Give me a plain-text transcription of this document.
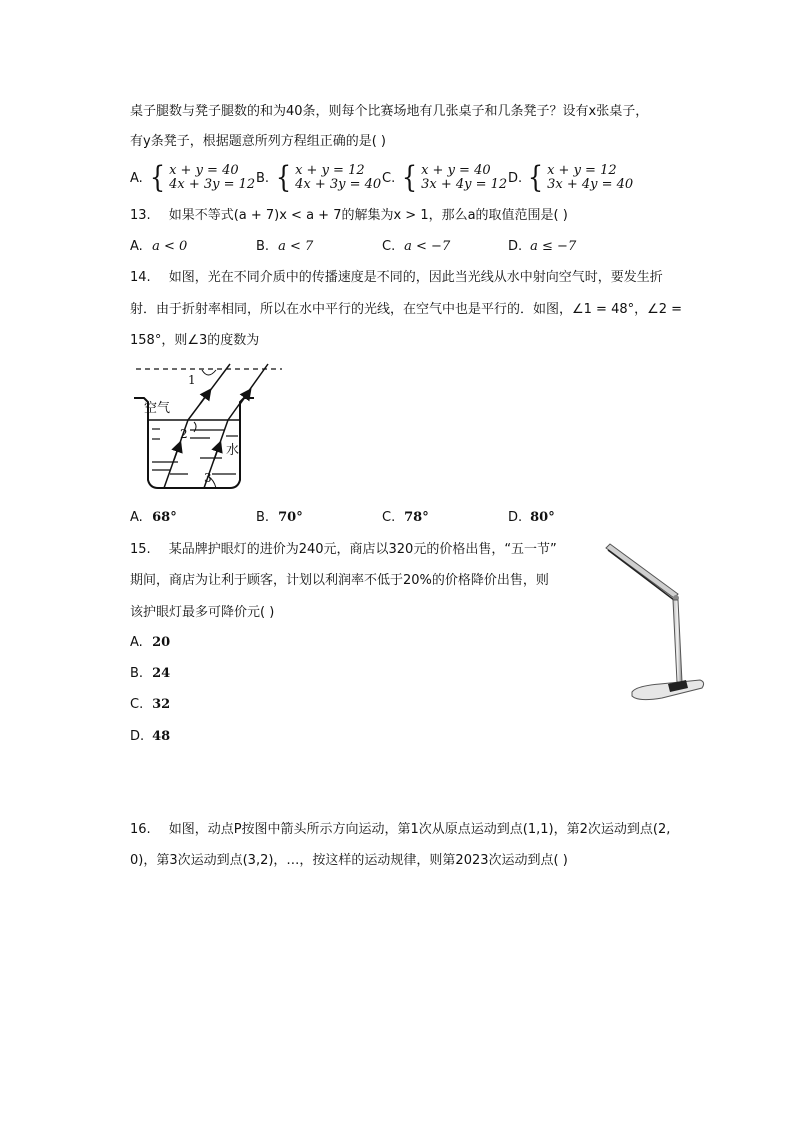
桌子腿数与凳子腿数的和为40条，则每个比赛场地有几张桌子和几条凳子？设有x张桌子，
有y条凳子，根据题意所列方程组正确的是( )
A. { x + y = 40
4x + 3y = 12 B. { x + y = 12
4x + 3y = 40 C. { x + y = 40
3x + 4y = 12 D. { x + y = 12
3x + 4y = 40
13. 如果不等式(a + 7)x < a + 7的解集为x > 1，那么a的取值范围是( )
A. a < 0	B. a < 7	C. a < −7	D. a ≤ −7
14. 如图，光在不同介质中的传播速度是不同的，因此当光线从水中射向空气时，要发生折
射．由于折射率相同，所以在水中平行的光线，在空气中也是平行的．如图，∠1 = 48°，∠2 =
158°，则∠3的度数为
空气
水
1
2
3
A. 68°	B. 70°	C. 78°	D. 80°
15. 某品牌护眼灯的进价为240元，商店以320元的价格出售，“五一节”
期间，商店为让利于顾客，计划以利润率不低于20%的价格降价出售，则
该护眼灯最多可降价元( )
A. 20
B. 24
C. 32
D. 48
16. 如图，动点P按图中箭头所示方向运动，第1次从原点运动到点(1,1)，第2次运动到点(2,
0)，第3次运动到点(3,2)，…，按这样的运动规律，则第2023次运动到点( )
